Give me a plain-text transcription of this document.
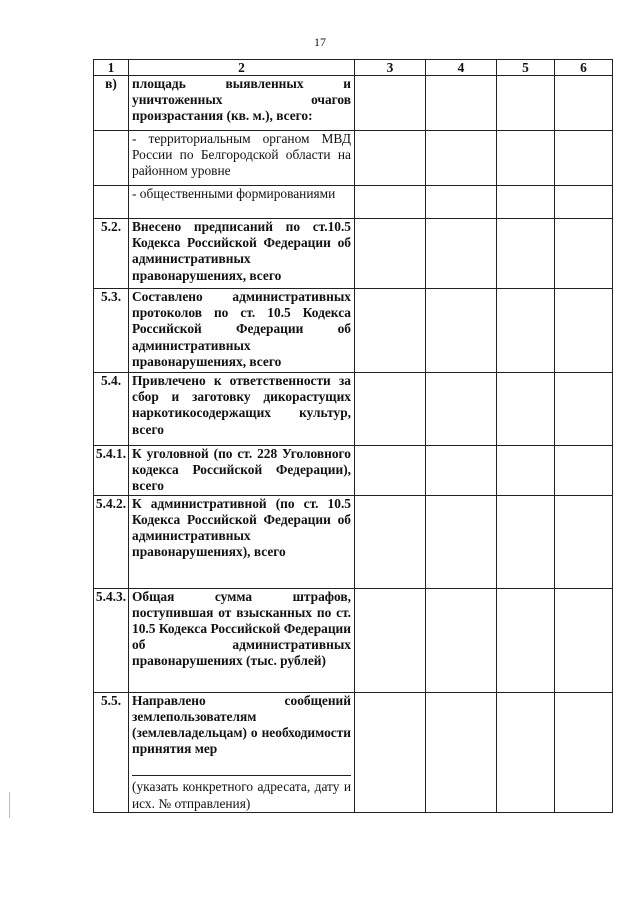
17
1	2	3	4	5	6
в)	площадь выявленных и уничтоженных очагов произрастания (кв. м.), всего:				
	- территориальным органом МВД России по Белгородской области на районном уровне				
	- общественными формированиями				
5.2.	Внесено предписаний по ст.10.5 Кодекса Российской Федерации об административных правонарушениях, всего				
5.3.	Составлено административных протоколов по ст. 10.5 Кодекса Российской Федерации об административных правонарушениях, всего				
5.4.	Привлечено к ответственности за сбор и заготовку дикорастущих наркотикосодержащих культур, всего				
5.4.1.	К уголовной (по ст. 228 Уголовного кодекса Российской Федерации), всего				
5.4.2.	К административной (по ст. 10.5 Кодекса Российской Федерации об административных правонарушениях), всего				
5.4.3.	Общая сумма штрафов, поступившая от взысканных по ст. 10.5 Кодекса Российской Федерации об административных правонарушениях (тыс. рублей)				
5.5.	Направлено сообщений землепользователям (землевладельцам) о необходимости принятия мер
(указать конкретного адресата, дату и исх. № отправления)				
